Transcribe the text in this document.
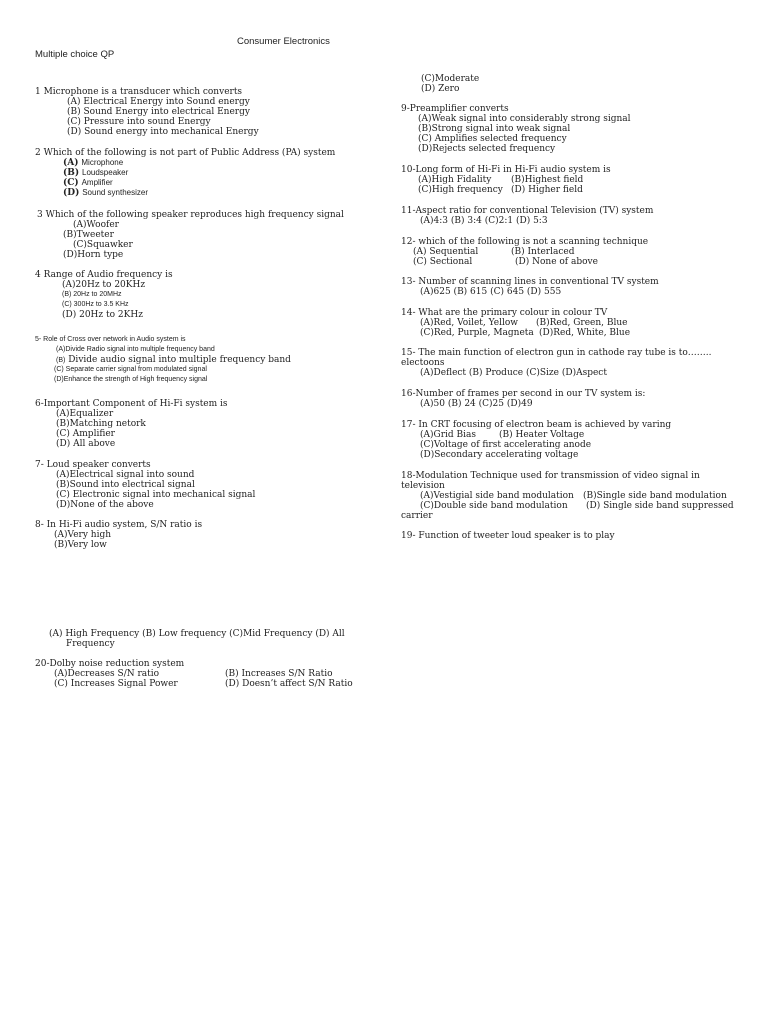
Consumer Electronics
Multiple choice QP
1 Microphone is a transducer which converts
(A) Electrical Energy into Sound energy
(B) Sound Energy into electrical Energy
(C) Pressure into sound Energy
(D) Sound energy into mechanical Energy
2 Which of the following is not part of Public Address (PA) system
(A) Microphone
(B) Loudspeaker
(C) Amplifier
(D) Sound synthesizer
3 Which of the following speaker reproduces high frequency signal
(A)Woofer
(B)Tweeter
(C)Squawker
(D)Horn type
4 Range of Audio frequency is
(A)20Hz to 20KHz
(B) 20Hz to 20MHz
(C) 300Hz to 3.5 KHz
(D) 20Hz to 2KHz
5- Role of Cross over network in Audio system is
(A)Divide Radio signal into multiple frequency band
(B) Divide audio signal into multiple frequency band
(C) Separate carrier signal from modulated signal
(D)Enhance the strength of High frequency signal
6-Important Component of Hi-Fi system is
(A)Equalizer
(B)Matching netork
(C) Amplifier
(D) All above
7- Loud speaker converts
(A)Electrical signal into sound
(B)Sound into electrical signal
(C) Electronic signal into mechanical signal
(D)None of the above
8- In Hi-Fi audio system, S/N ratio is
(A)Very high
(B)Very low
(A) High Frequency (B) Low frequency (C)Mid Frequency (D) All
Frequency
20-Dolby noise reduction system
(A)Decreases S/N ratio	(B) Increases S/N Ratio
(C) Increases Signal Power	(D) Doesn’t affect S/N Ratio
(C)Moderate
(D) Zero
9-Preamplifier converts
(A)Weak signal into considerably strong signal
(B)Strong signal into weak signal
(C) Amplifies selected frequency
(D)Rejects selected frequency
10-Long form of Hi-Fi in Hi-Fi audio system is
(A)High Fidality (B)Highest field
(C)High frequency (D) Higher field
11-Aspect ratio for conventional Television (TV) system
(A)4:3 (B) 3:4 (C)2:1 (D) 5:3
12- which of the following is not a scanning technique
(A) Sequential	(B) Interlaced
(C) Sectional	(D) None of above
13- Number of scanning lines in conventional TV system
(A)625 (B) 615 (C) 645 (D) 555
14- What are the primary colour in colour TV
(A)Red, Voilet, Yellow (B)Red, Green, Blue
(C)Red, Purple, Magneta (D)Red, White, Blue
15- The main function of electron gun in cathode ray tube is to……..
electoons
(A)Deflect (B) Produce (C)Size (D)Aspect
16-Number of frames per second in our TV system is:
(A)50 (B) 24 (C)25 (D)49
17- In CRT focusing of electron beam is achieved by varing
(A)Grid Bias	(B) Heater Voltage
(C)Voltage of first accelerating anode
(D)Secondary accelerating voltage
18-Modulation Technique used for transmission of video signal in
television
(A)Vestigial side band modulation (B)Single side band modulation
(C)Double side band modulation (D) Single side band suppressed
carrier
19- Function of tweeter loud speaker is to play
